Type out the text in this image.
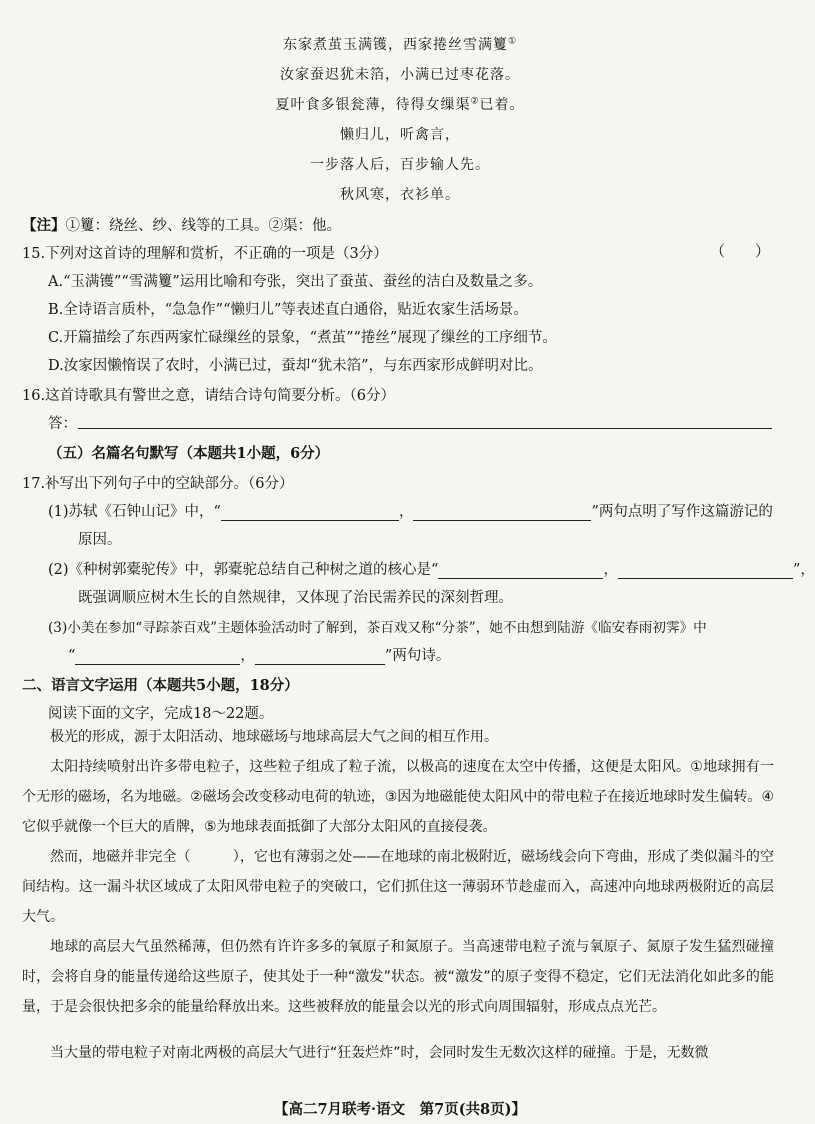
东家煮茧玉满镬，西家捲丝雪满籰①
汝家蚕迟犹未箔，小满已过枣花落。
夏叶食多银瓮薄，待得女缫渠②已着。
懒归儿，听禽言，
一步落人后，百步输人先。
秋风寒，衣衫单。
【注】①籰：绕丝、纱、线等的工具。②渠：他。
15.下列对这首诗的理解和赏析，不正确的一项是（3分）	（　　）
A.“玉满镬”“雪满籰”运用比喻和夸张，突出了蚕茧、蚕丝的洁白及数量之多。
B.全诗语言质朴，“急急作”“懒归儿”等表述直白通俗，贴近农家生活场景。
C.开篇描绘了东西两家忙碌缫丝的景象，“煮茧”“捲丝”展现了缫丝的工序细节。
D.汝家因懒惰误了农时，小满已过，蚕却“犹未箔”，与东西家形成鲜明对比。
16.这首诗歌具有警世之意，请结合诗句简要分析。（6分）
答：
（五）名篇名句默写（本题共1小题，6分）
17.补写出下列句子中的空缺部分。（6分）
(1)苏轼《石钟山记》中，“	，	”两句点明了写作这篇游记的
原因。
(2)《种树郭橐驼传》中，郭橐驼总结自己种树之道的核心是“	，	”，
既强调顺应树木生长的自然规律，又体现了治民需养民的深刻哲理。
(3)小美在参加“寻踪茶百戏”主题体验活动时了解到，茶百戏又称“分茶”，她不由想到陆游《临安春雨初霁》中
“	，	”两句诗。
二、语言文字运用（本题共5小题，18分）
阅读下面的文字，完成18～22题。
极光的形成，源于太阳活动、地球磁场与地球高层大气之间的相互作用。
太阳持续喷射出许多带电粒子，这些粒子组成了粒子流，以极高的速度在太空中传播，这便是太阳风。①地球拥有一个无形的磁场，名为地磁。②磁场会改变移动电荷的轨迹，③因为地磁能使太阳风中的带电粒子在接近地球时发生偏转。④它似乎就像一个巨大的盾牌，⑤为地球表面抵御了大部分太阳风的直接侵袭。
然而，地磁并非完全（　　　），它也有薄弱之处——在地球的南北极附近，磁场线会向下弯曲，形成了类似漏斗的空间结构。这一漏斗状区域成了太阳风带电粒子的突破口，它们抓住这一薄弱环节趁虚而入，高速冲向地球两极附近的高层大气。
地球的高层大气虽然稀薄，但仍然有许许多多的氧原子和氮原子。当高速带电粒子流与氧原子、氮原子发生猛烈碰撞时，会将自身的能量传递给这些原子，使其处于一种“激发”状态。被“激发”的原子变得不稳定，它们无法消化如此多的能量，于是会很快把多余的能量给释放出来。这些被释放的能量会以光的形式向周围辐射，形成点点光芒。
当大量的带电粒子对南北两极的高层大气进行“狂轰烂炸”时，会同时发生无数次这样的碰撞。于是，无数微
【高二7月联考·语文　第7页(共8页)】
